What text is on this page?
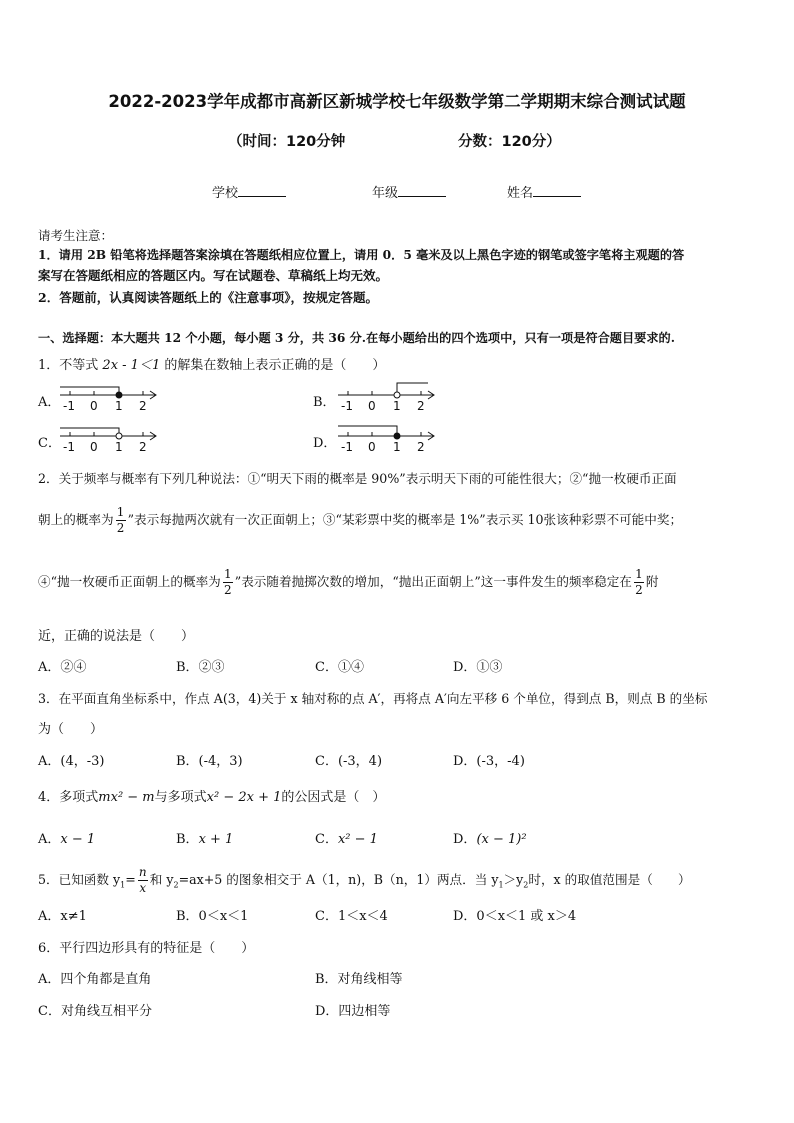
2022-2023学年成都市高新区新城学校七年级数学第二学期期末综合测试试题
（时间：120分钟	分数：120分）
学校	年级	姓名
请考生注意：
1．请用 2B 铅笔将选择题答案涂填在答题纸相应位置上，请用 0．5 毫米及以上黑色字迹的钢笔或签字笔将主观题的答
案写在答题纸相应的答题区内。写在试题卷、草稿纸上均无效。
2．答题前，认真阅读答题纸上的《注意事项》，按规定答题。
一、选择题：本大题共 12 个小题，每小题 3 分，共 36 分.在每小题给出的四个选项中，只有一项是符合题目要求的.
1．不等式 2x - 1＜1 的解集在数轴上表示正确的是（　　）
A． -1 0 1 2	B． -1 0 1 2
C． -1 0 1 2	D． -1 0 1 2
2．关于频率与概率有下列几种说法：①“明天下雨的概率是 90%”表示明天下雨的可能性很大；②“抛一枚硬币正面
朝上的概率为 $\frac{1}{2}$ ”表示每抛两次就有一次正面朝上；③“某彩票中奖的概率是 1%”表示买 10张该种彩票不可能中奖；
④“抛一枚硬币正面朝上的概率为 $\frac{1}{2}$ ”表示随着抛掷次数的增加，“抛出正面朝上”这一事件发生的频率稳定在 $\frac{1}{2}$ 附
近，正确的说法是（　　）
A．②④	B．②③	C．①④	D．①③
3．在平面直角坐标系中，作点 A(3，4)关于 x 轴对称的点 A′，再将点 A′向左平移 6 个单位，得到点 B，则点 B 的坐标
为（　　）
A．(4，-3)	B．(-4，3)	C．(-3，4)	D．(-3，-4)
4．多项式mx² − m与多项式x² − 2x + 1的公因式是（　）
A．x − 1	B．x + 1	C．x² − 1	D．(x − 1)²
5．已知函数 $y_1= \frac{n}{x}$ 和 $y_2=ax+5$ 的图象相交于 A（1，n)，B（n，1）两点．当 $y_1>y_2$时，x 的取值范围是（　　）
A．x≠1	B．0＜x＜1	C．1＜x＜4	D．0＜x＜1 或 x＞4
6．平行四边形具有的特征是（　　）
A．四个角都是直角	B．对角线相等
C．对角线互相平分	D．四边相等
